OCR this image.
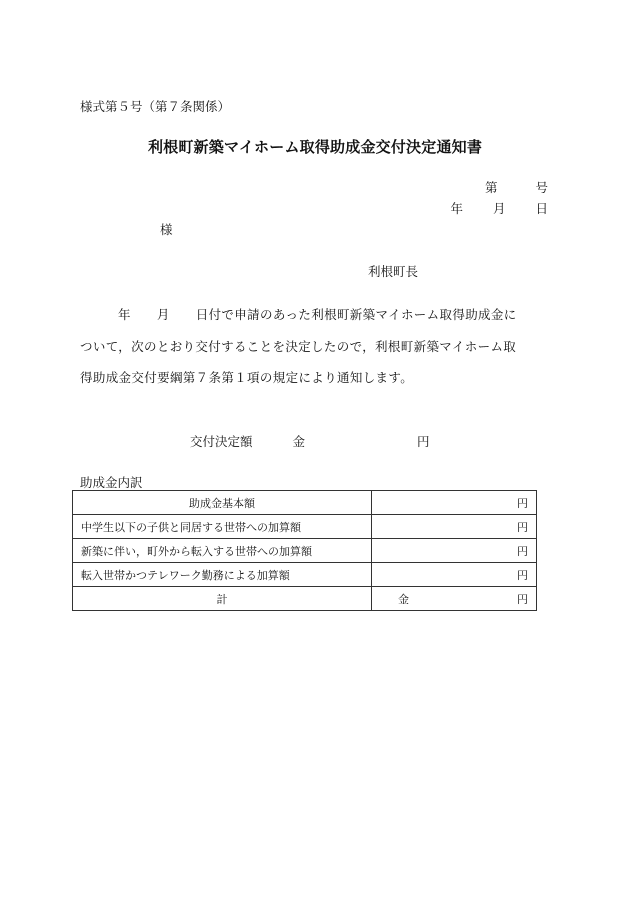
様式第５号（第７条関係）
利根町新築マイホーム取得助成金交付決定通知書
第	号
年 月 日
様
利根町長
年 月 日付で申請のあった利根町新築マイホーム取得助成金に
ついて，次のとおり交付することを決定したので，利根町新築マイホーム取
得助成金交付要綱第７条第１項の規定により通知します。
交付決定額	金	円
助成金内訳
助成金基本額	円
中学生以下の子供と同居する世帯への加算額	円
新築に伴い，町外から転入する世帯への加算額	円
転入世帯かつテレワーク勤務による加算額	円
計	金 円
